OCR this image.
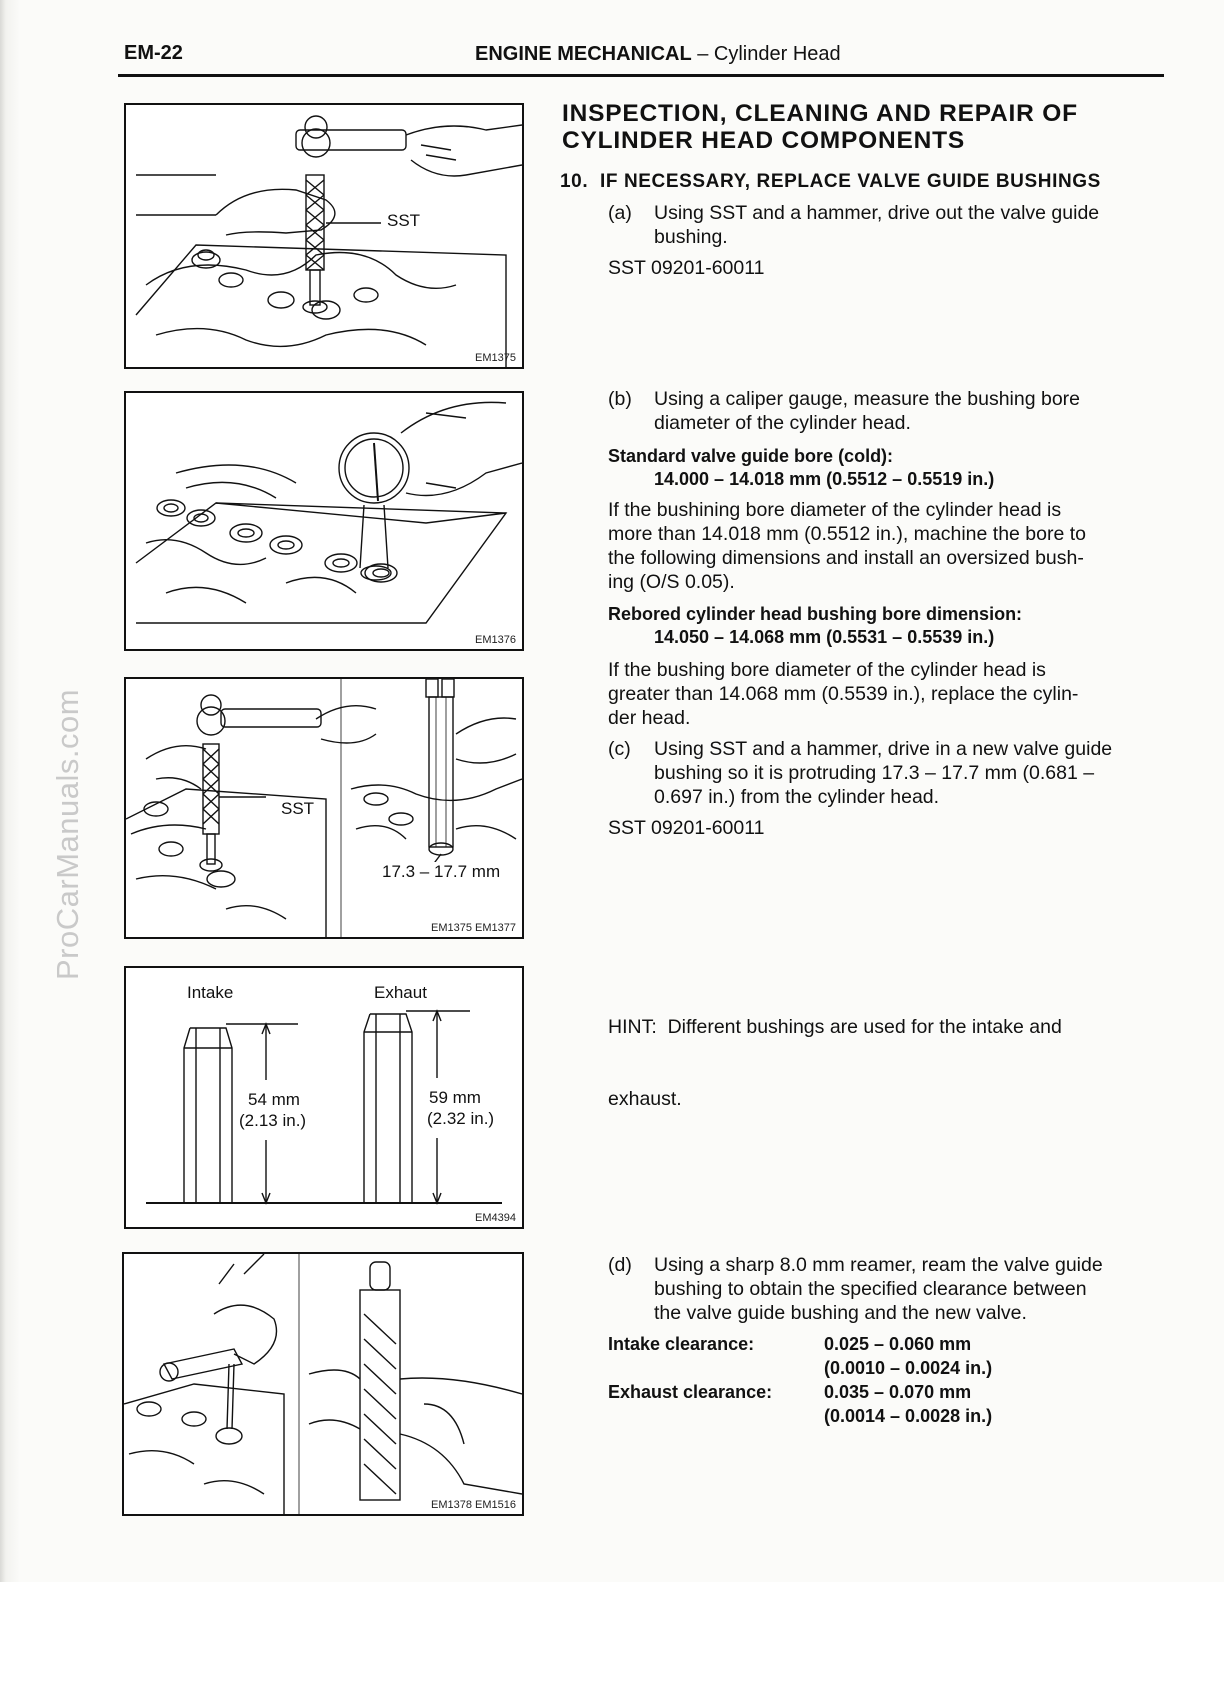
ProCarManuals.com
EM-22	ENGINE MECHANICAL – Cylinder Head
SST
EM1375
EM1376
SST
17.3 – 17.7 mm
EM1375 EM1377
Intake	Exhaut
54 mm
(2.13 in.)
59 mm
(2.32 in.)
EM4394
EM1378 EM1516
INSPECTION, CLEANING AND REPAIR OF
CYLINDER HEAD COMPONENTS
10. IF NECESSARY, REPLACE VALVE GUIDE BUSHINGS
(a)	Using SST and a hammer, drive out the valve guide
bushing.
SST 09201-60011
(b)	Using a caliper gauge, measure the bushing bore
diameter of the cylinder head.
Standard valve guide bore (cold):
14.000 – 14.018 mm (0.5512 – 0.5519 in.)
If the bushining bore diameter of the cylinder head is
more than 14.018 mm (0.5512 in.), machine the bore to
the following dimensions and install an oversized bush-
ing (O/S 0.05).
Rebored cylinder head bushing bore dimension:
14.050 – 14.068 mm (0.5531 – 0.5539 in.)
If the bushing bore diameter of the cylinder head is
greater than 14.068 mm (0.5539 in.), replace the cylin-
der head.
(c)	Using SST and a hammer, drive in a new valve guide
bushing so it is protruding 17.3 – 17.7 mm (0.681 –
0.697 in.) from the cylinder head.
SST 09201-60011

HINT:  Different bushings are used for the intake and

exhaust.

(d)	Using a sharp 8.0 mm reamer, ream the valve guide
bushing to obtain the specified clearance between
the valve guide bushing and the new valve.
Intake clearance:	0.025 – 0.060 mm
(0.0010 – 0.0024 in.)
Exhaust clearance:	0.035 – 0.070 mm
(0.0014 – 0.0028 in.)
